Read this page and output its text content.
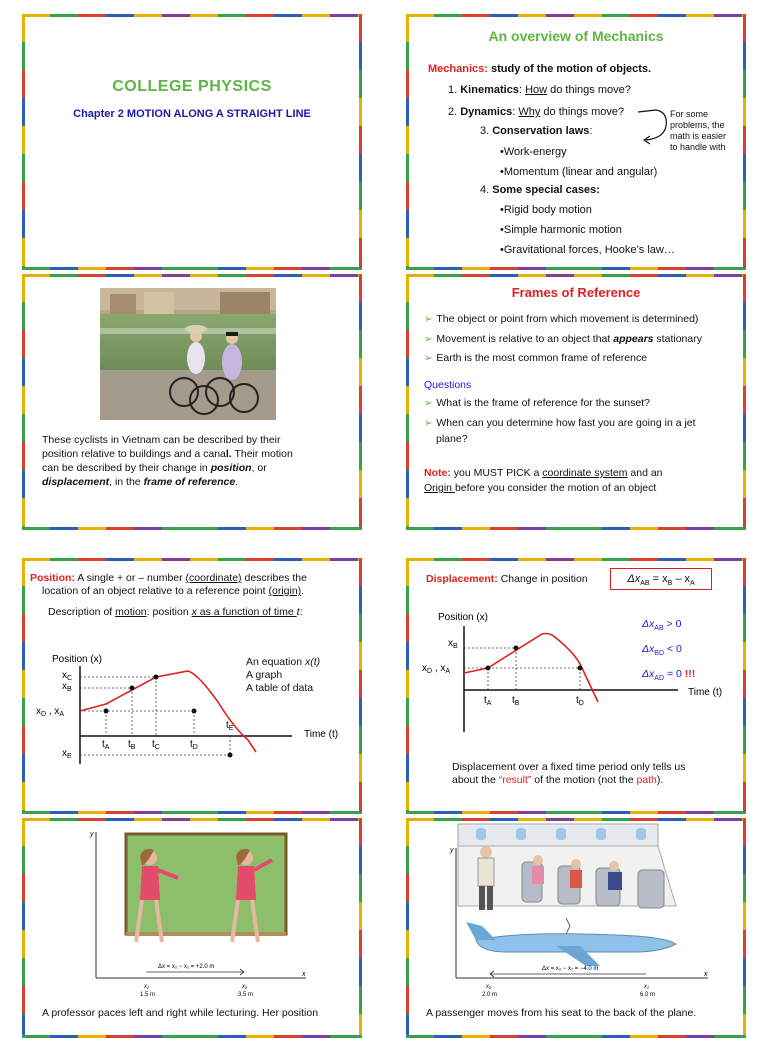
COLLEGE PHYSICS
Chapter 2 MOTION ALONG A STRAIGHT LINE
An overview of Mechanics
Mechanics: study of the motion of objects.
1. Kinematics: How do things move?
2. Dynamics: Why do things move?
3. Conservation laws:
•Work-energy
•Momentum (linear and angular)
4. Some special cases:
•Rigid body motion
•Simple harmonic motion
•Gravitational forces, Hooke’s law…
For some
problems, the
math is easier
to handle with
These cyclists in Vietnam can be described by their
position relative to buildings and a canal. Their motion
can be described by their change in position, or
displacement, in the frame of reference.
Frames of Reference
➢ The object or point from which movement is determined)
➢ Movement is relative to an object that appears stationary
➢ Earth is the most common frame of reference
Questions
➢ What is the frame of reference for the sunset?
➢ When can you determine how fast you are going in a jet
plane?
Note: you MUST PICK a coordinate system and an
Origin before you consider the motion of an object
Position: A single + or – number (coordinate) describes the
location of an object relative to a reference point (origin).
Description of motion: position x as a function of time t:
An equation x(t)
A graph
A table of data
Position (x)
Time (t)
$x_C$
$x_B$
$x_D$ , $x_A$
$x_E$
$t_A$ $t_B$ $t_C$	$t_D$
$t_E$
Displacement: Change in position	$\Delta x_{AB} = x_B - x_A$
$\Delta x_{AB} > 0$
$\Delta x_{BD} < 0$
$\Delta x_{AD} = 0$ !!!
Position (x)
Time (t)
$x_B$
$x_D$ , $x_A$
$t_A$ $t_B$	$t_D$
Displacement over a fixed time period only tells us
about the “result” of the motion (not the path).
y
x
Δx = x₂ − x₁ = +2.0 m
x₁
1.5 m
x₂
3.5 m
A professor paces left and right while lecturing. Her position
y
x
Δx = x₂ − x₁ = −4.0 m
x₂
2.0 m
x₁
6.0 m
A passenger moves from his seat to the back of the plane.
